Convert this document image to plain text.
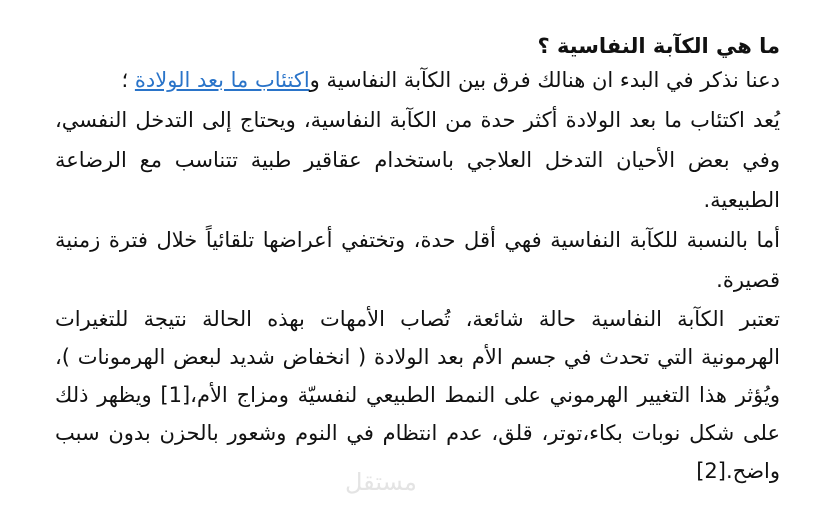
مستقل
ما هي الكآبة النفاسية ؟

دعنا نذكر في البدء ان هنالك فرق بين الكآبة النفاسية واكتئاب ما بعد الولادة ؛

يُعد اكتئاب ما بعد الولادة أكثر حدة من الكآبة النفاسية، ويحتاج إلى التدخل النفسي، وفي بعض الأحيان التدخل العلاجي باستخدام عقاقير طبية تتناسب مع الرضاعة الطبيعية.

أما بالنسبة للكآبة النفاسية فهي أقل حدة، وتختفي أعراضها تلقائياً خلال فترة زمنية قصيرة.

تعتبر الكآبة النفاسية حالة شائعة، تُصاب الأمهات بهذه الحالة نتيجة للتغيرات الهرمونية التي تحدث في جسم الأم بعد الولادة ( انخفاض شديد لبعض الهرمونات )، ويُؤثر هذا التغيير الهرموني على النمط الطبيعي لنفسيّة ومزاج الأم،[1] ويظهر ذلك على شكل نوبات بكاء،توتر، قلق، عدم انتظام في النوم وشعور بالحزن بدون سبب واضح.[2]
